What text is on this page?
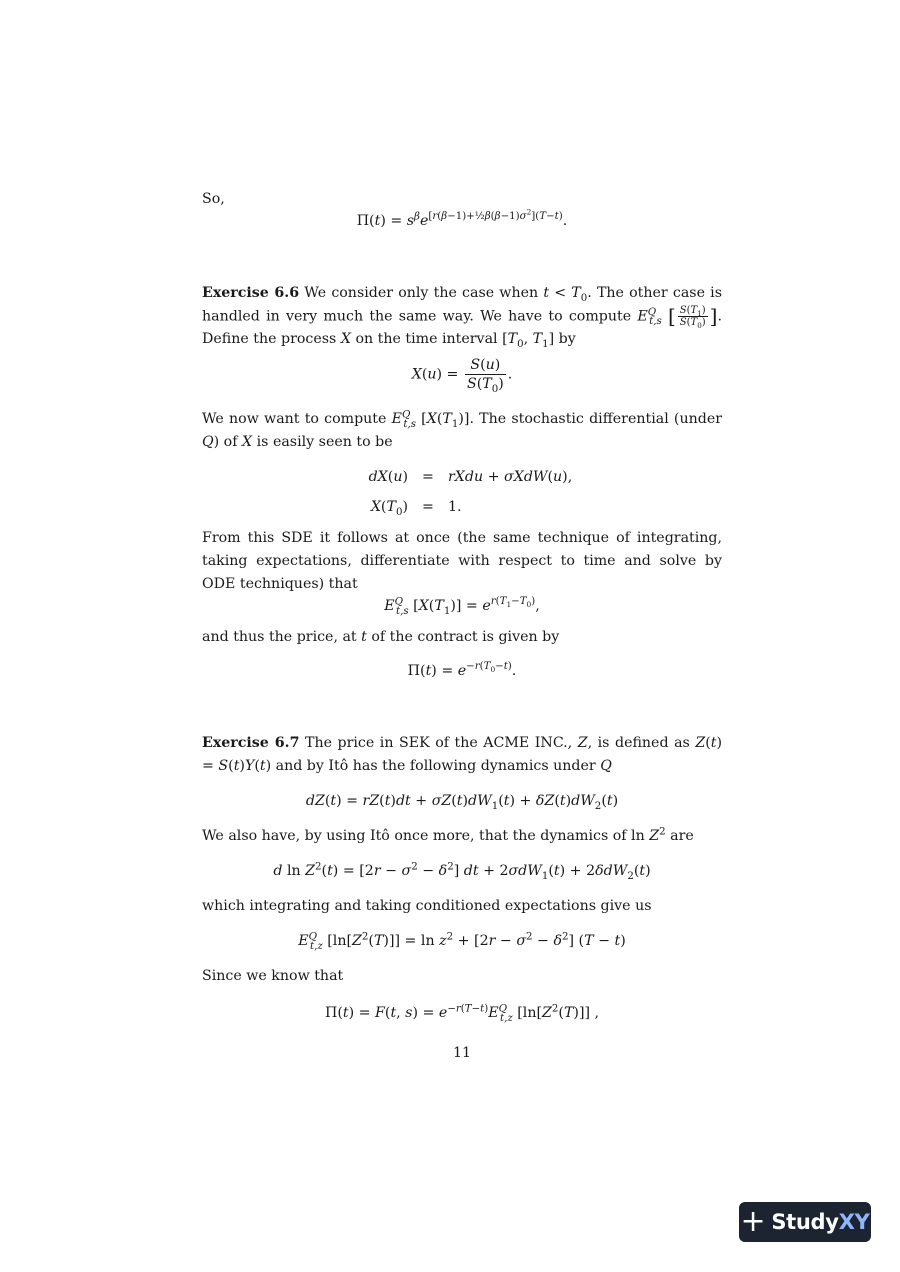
So,
$\Pi(t) = s^\beta e^{[r(\beta-1)+\frac{1}{2}\beta(\beta-1)\sigma^2](T-t)}$.
Exercise 6.6 We consider only the case when $t < T_0$. The other case is handled in very much the same way. We have to compute $E^Q_{t,s}$ [ $\frac{S(T_1)}{S(T_0)}$ ]. Define the process X on the time interval [$T_0$, $T_1$] by
$X(u) = \frac{S(u)}{S(T_0)}$ .
We now want to compute $E^Q_{t,s}$ $[X(T_1)]$. The stochastic differential (under Q) of X is easily seen to be
dX(u) = rXdu + σXdW(u),
$X(T_0) = 1$.
From this SDE it follows at once (the same technique of integrating, taking expectations, differentiate with respect to time and solve by ODE techniques) that
$E^Q_{t,s}$ $[X(T_1)] = e^{r(T_1-T_0)}$,
and thus the price, at t of the contract is given by
$\Pi(t) = e^{-r(T_0-t)}$.
Exercise 6.7 The price in SEK of the ACME INC., Z, is defined as Z(t) = S(t)Y(t) and by Itô has the following dynamics under Q
$dZ(t) = rZ(t)dt + \sigma Z(t)dW_1(t) + \delta Z(t)dW_2(t)$
We also have, by using Itô once more, that the dynamics of $\ln Z^2$ are
d $\ln Z^2(t) = [2r - \sigma^2 - \delta^2]$ dt + 2σdW$_1$(t) + 2δdW$_2$(t)
which integrating and taking conditioned expectations give us
$E^Q_{t,z}$ $[\ln[Z^2(T)]] = \ln z^2 + [2r - \sigma^2 - \delta^2] (T - t)$
Since we know that
Π(t) = F(t, $s) = e^{-r(T-t)}E^Q_{t,z}$ $[\ln[Z^2(T)]]$ ,
11
+ Study XY
